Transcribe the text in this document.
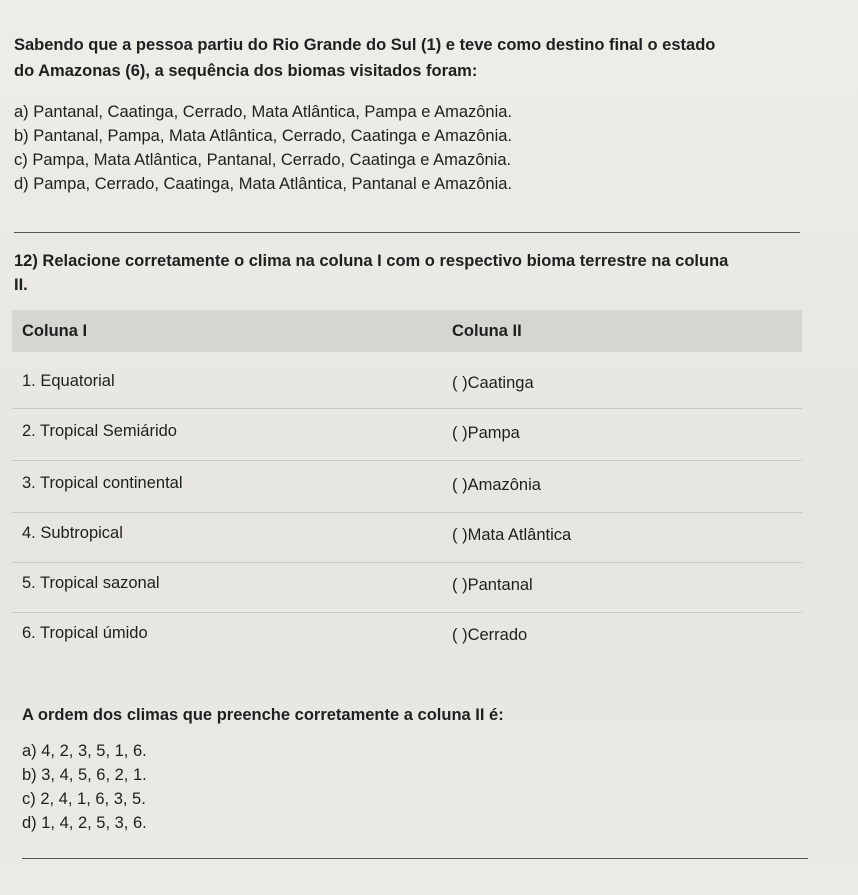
Sabendo que a pessoa partiu do Rio Grande do Sul (1) e teve como destino final o estado
do Amazonas (6), a sequência dos biomas visitados foram:
a) Pantanal, Caatinga, Cerrado, Mata Atlântica, Pampa e Amazônia.
b) Pantanal, Pampa, Mata Atlântica, Cerrado, Caatinga e Amazônia.
c) Pampa, Mata Atlântica, Pantanal, Cerrado, Caatinga e Amazônia.
d) Pampa, Cerrado, Caatinga, Mata Atlântica, Pantanal e Amazônia.
12) Relacione corretamente o clima na coluna I com o respectivo bioma terrestre na coluna
II.
Coluna I	Coluna II
1. Equatorial	( )Caatinga
2. Tropical Semiárido	( )Pampa
3. Tropical continental	( )Amazônia
4. Subtropical	( )Mata Atlântica
5. Tropical sazonal	( )Pantanal
6. Tropical úmido	( )Cerrado
A ordem dos climas que preenche corretamente a coluna II é:
a) 4, 2, 3, 5, 1, 6.
b) 3, 4, 5, 6, 2, 1.
c) 2, 4, 1, 6, 3, 5.
d) 1, 4, 2, 5, 3, 6.
